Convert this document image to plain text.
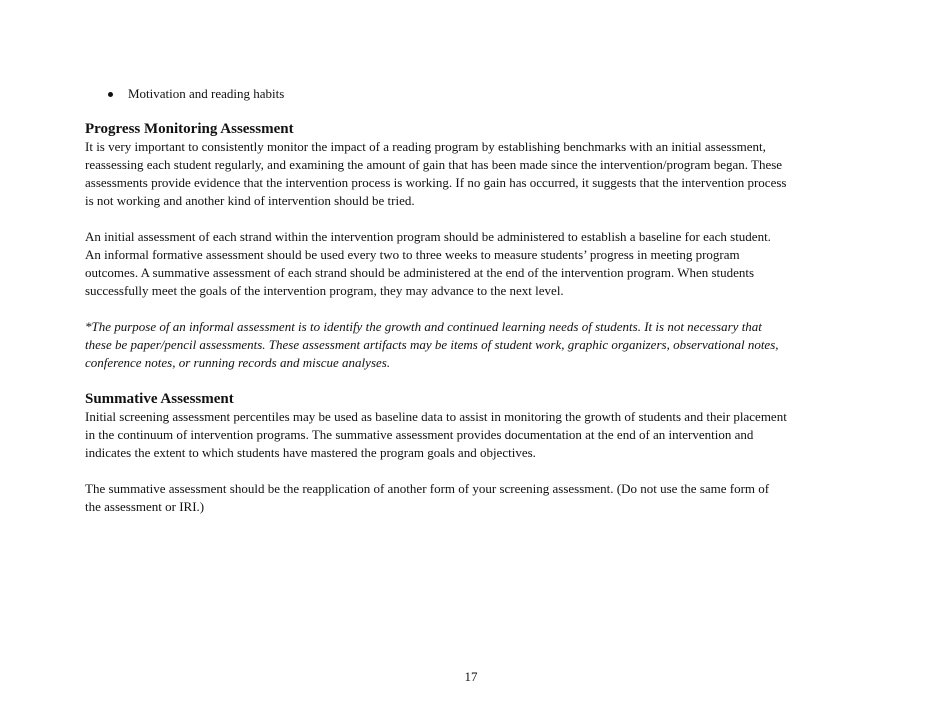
Motivation and reading habits
Progress Monitoring Assessment

It is very important to consistently monitor the impact of a reading program by establishing benchmarks with an initial assessment,
reassessing each student regularly, and examining the amount of gain that has been made since the intervention/program began. These
assessments provide evidence that the intervention process is working. If no gain has occurred, it suggests that the intervention process
is not working and another kind of intervention should be tried.

An initial assessment of each strand within the intervention program should be administered to establish a baseline for each student.
An informal formative assessment should be used every two to three weeks to measure students’ progress in meeting program
outcomes. A summative assessment of each strand should be administered at the end of the intervention program. When students
successfully meet the goals of the intervention program, they may advance to the next level.

*The purpose of an informal assessment is to identify the growth and continued learning needs of students. It is not necessary that
these be paper/pencil assessments. These assessment artifacts may be items of student work, graphic organizers, observational notes,
conference notes, or running records and miscue analyses.

Summative Assessment

Initial screening assessment percentiles may be used as baseline data to assist in monitoring the growth of students and their placement
in the continuum of intervention programs. The summative assessment provides documentation at the end of an intervention and
indicates the extent to which students have mastered the program goals and objectives.

The summative assessment should be the reapplication of another form of your screening assessment. (Do not use the same form of
the assessment or IRI.)

17
